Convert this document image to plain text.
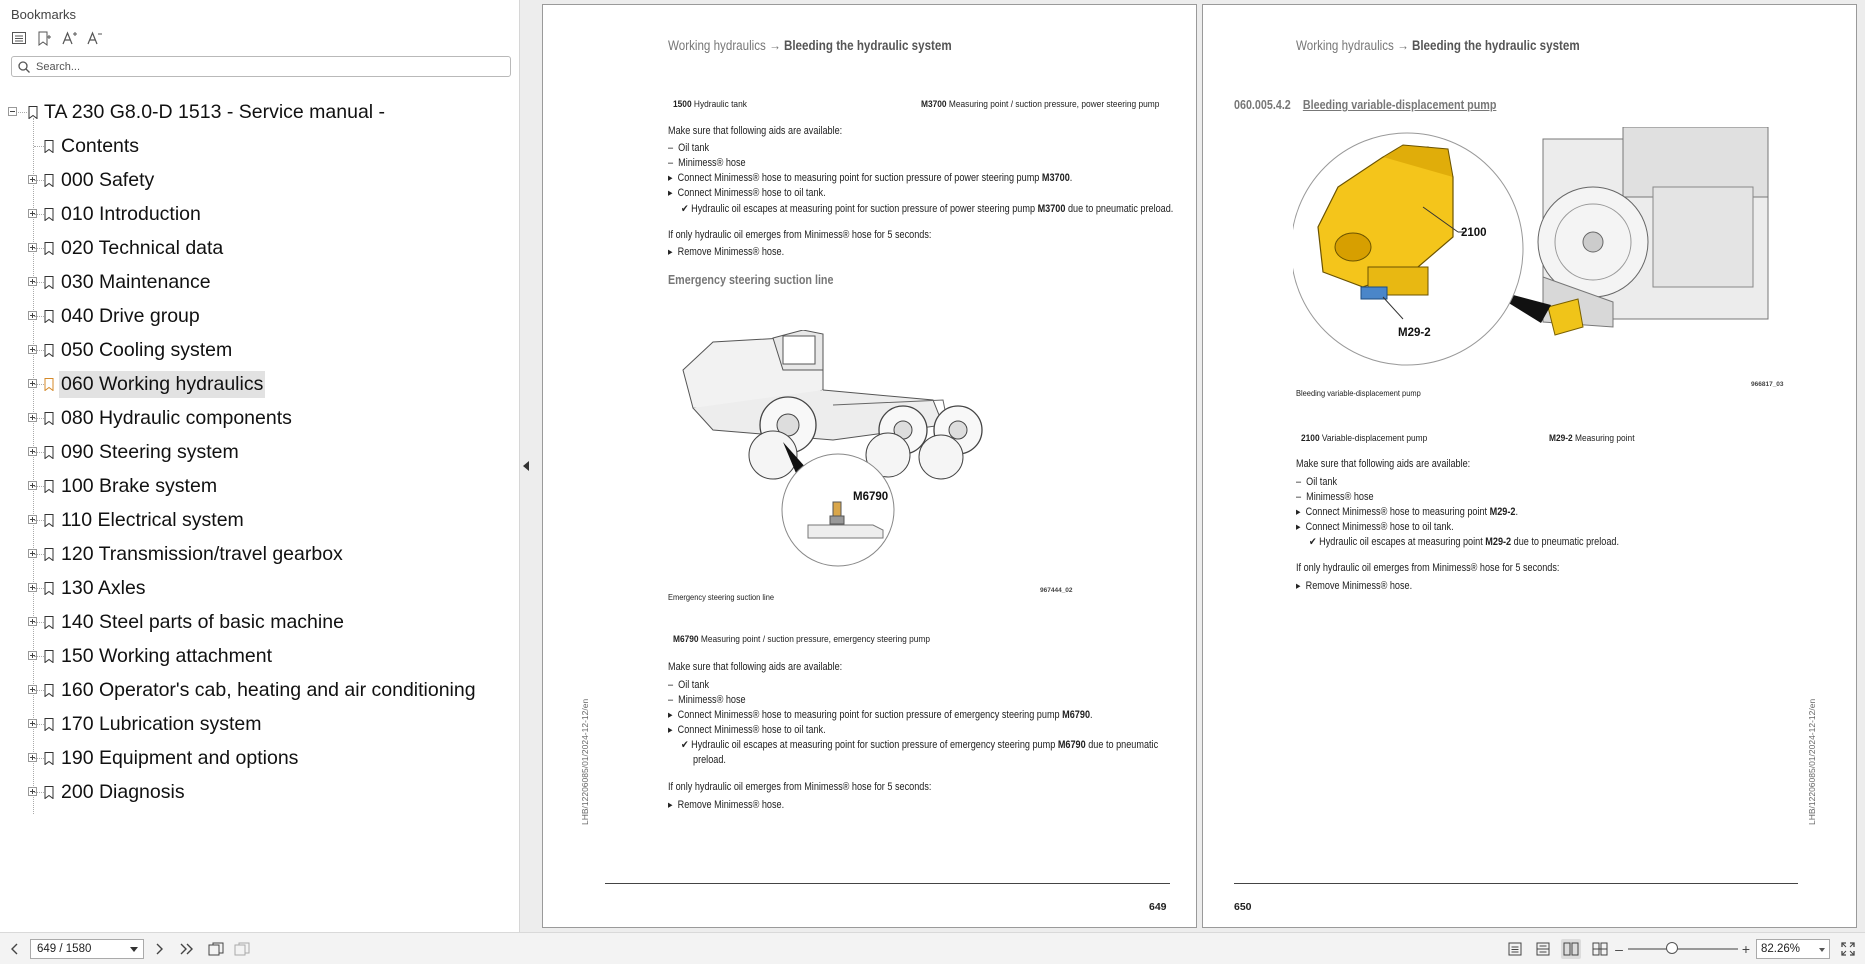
Bookmarks
Search...
TA 230 G8.0-D 1513 - Service manual -
Contents
000 Safety
010 Introduction
020 Technical data
030 Maintenance
040 Drive group
050 Cooling system
060 Working hydraulics
080 Hydraulic components
090 Steering system
100 Brake system
110 Electrical system
120 Transmission/travel gearbox
130 Axles
140 Steel parts of basic machine
150 Working attachment
160 Operator's cab, heating and air conditioning
170 Lubrication system
190 Equipment and options
200 Diagnosis
Working hydraulics → Bleeding the hydraulic system
1500 Hydraulic tank	M3700 Measuring point / suction pressure, power steering pump
Make sure that following aids are available:
–  Oil tank
–  Minimess® hose
▸  Connect Minimess® hose to measuring point for suction pressure of power steering pump M3700.
▸  Connect Minimess® hose to oil tank.
✔ Hydraulic oil escapes at measuring point for suction pressure of power steering pump M3700 due to pneumatic preload.
If only hydraulic oil emerges from Minimess® hose for 5 seconds:
▸  Remove Minimess® hose.
Emergency steering suction line
M6790
967444_02
Emergency steering suction line
M6790 Measuring point / suction pressure, emergency steering pump
Make sure that following aids are available:
–  Oil tank
–  Minimess® hose
▸  Connect Minimess® hose to measuring point for suction pressure of emergency steering pump M6790.
▸  Connect Minimess® hose to oil tank.
✔ Hydraulic oil escapes at measuring point for suction pressure of emergency steering pump M6790 due to pneumatic
preload.
If only hydraulic oil emerges from Minimess® hose for 5 seconds:
▸  Remove Minimess® hose.
LHB/12206085/01/2024-12-12/en
649
Working hydraulics → Bleeding the hydraulic system
060.005.4.2 Bleeding variable-displacement pump
2100
M29-2
966817_03
Bleeding variable-displacement pump
2100 Variable-displacement pump	M29-2 Measuring point
Make sure that following aids are available:
–  Oil tank
–  Minimess® hose
▸  Connect Minimess® hose to measuring point M29-2.
▸  Connect Minimess® hose to oil tank.
✔ Hydraulic oil escapes at measuring point M29-2 due to pneumatic preload.
If only hydraulic oil emerges from Minimess® hose for 5 seconds:
▸  Remove Minimess® hose.
LHB/12206085/01/2024-12-12/en
650
649 / 1580	–	+ 82.26%
